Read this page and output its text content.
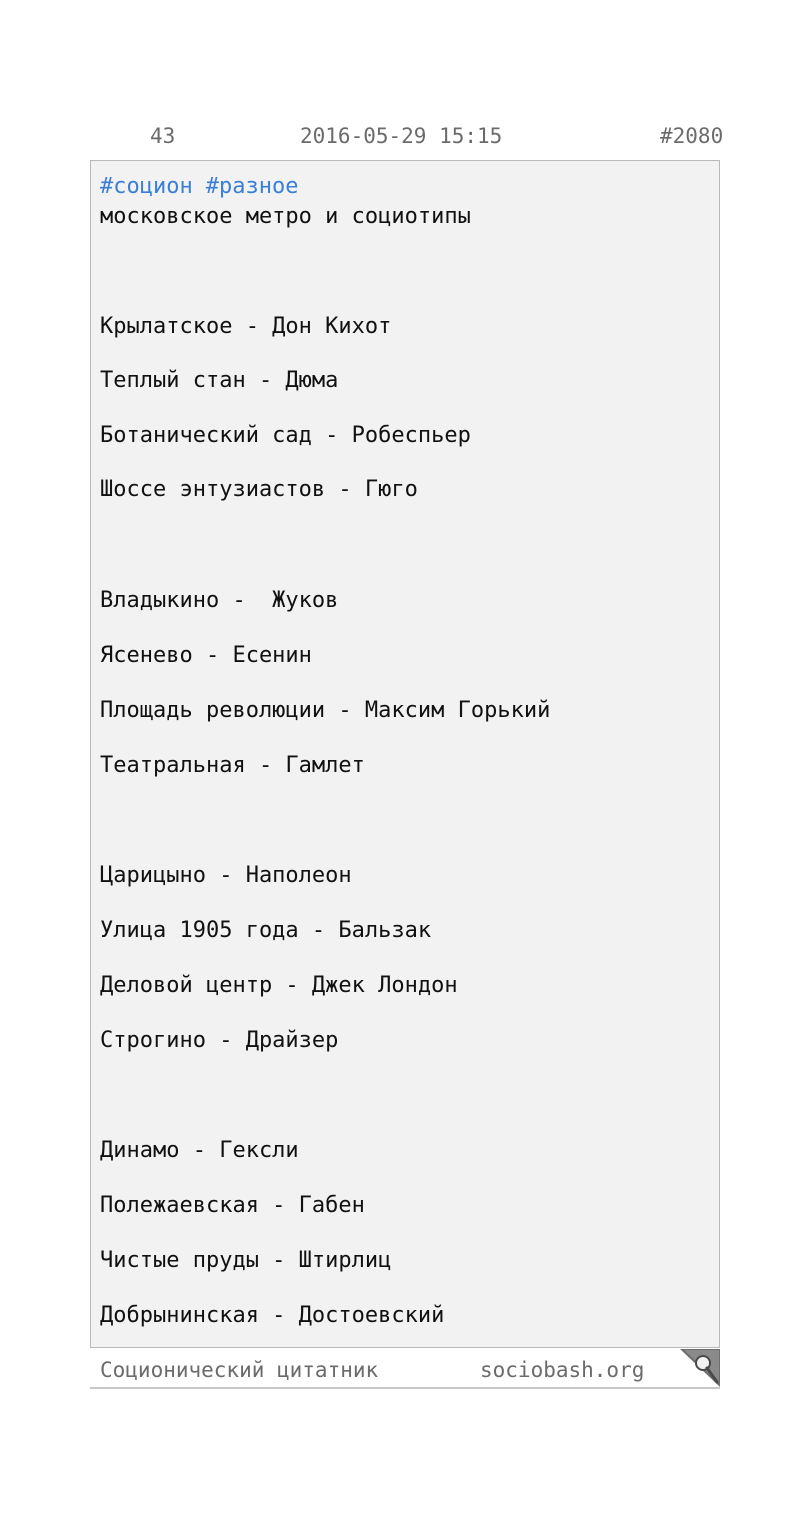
43	2016-05-29 15:15	#2080
#социон #разное
московское метро и социотипы
Крылатское - Дон Кихот
Теплый стан - Дюма
Ботанический сад - Робеспьер
Шоссе энтузиастов - Гюго
Владыкино -  Жуков
Ясенево - Есенин
Площадь революции - Максим Горький
Театральная - Гамлет
Царицыно - Наполеон
Улица 1905 года - Бальзак
Деловой центр - Джек Лондон
Строгино - Драйзер
Динамо - Гексли
Полежаевская - Габен
Чистые пруды - Штирлиц
Добрынинская - Достоевский
Соционический цитатник	sociobash.org
